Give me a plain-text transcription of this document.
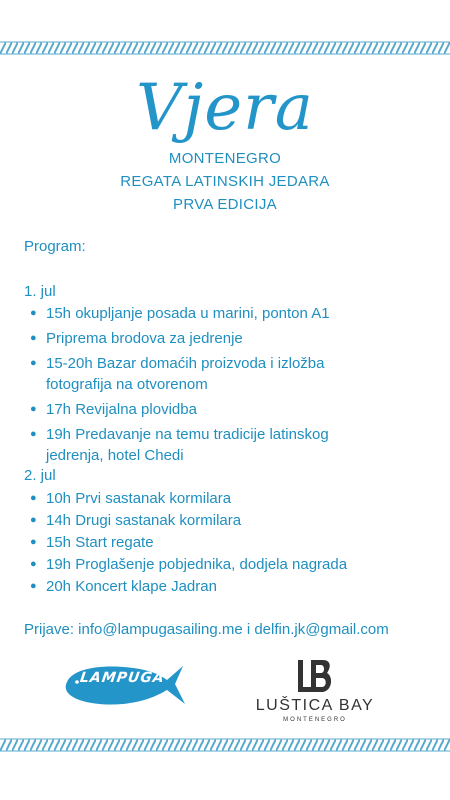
Vjera
MONTENEGRO
REGATA LATINSKIH JEDARA
PRVA EDICIJA
Program:
1. jul
● 15h okupljanje posada u marini, ponton A1
● Priprema brodova za jedrenje
● 15-20h Bazar domaćih proizvoda i izložba fotografija na otvorenom
● 17h Revijalna plovidba
● 19h Predavanje na temu tradicije latinskog jedrenja, hotel Chedi
2. jul
● 10h Prvi sastanak kormilara
● 14h Drugi sastanak kormilara
● 15h Start regate
● 19h Proglašenje pobjednika, dodjela nagrada
● 20h Koncert klape Jadran
Prijave: info@lampugasailing.me i delfin.jk@gmail.com
LAMPUGA
LUŠTICA BAY
MONTENEGRO
